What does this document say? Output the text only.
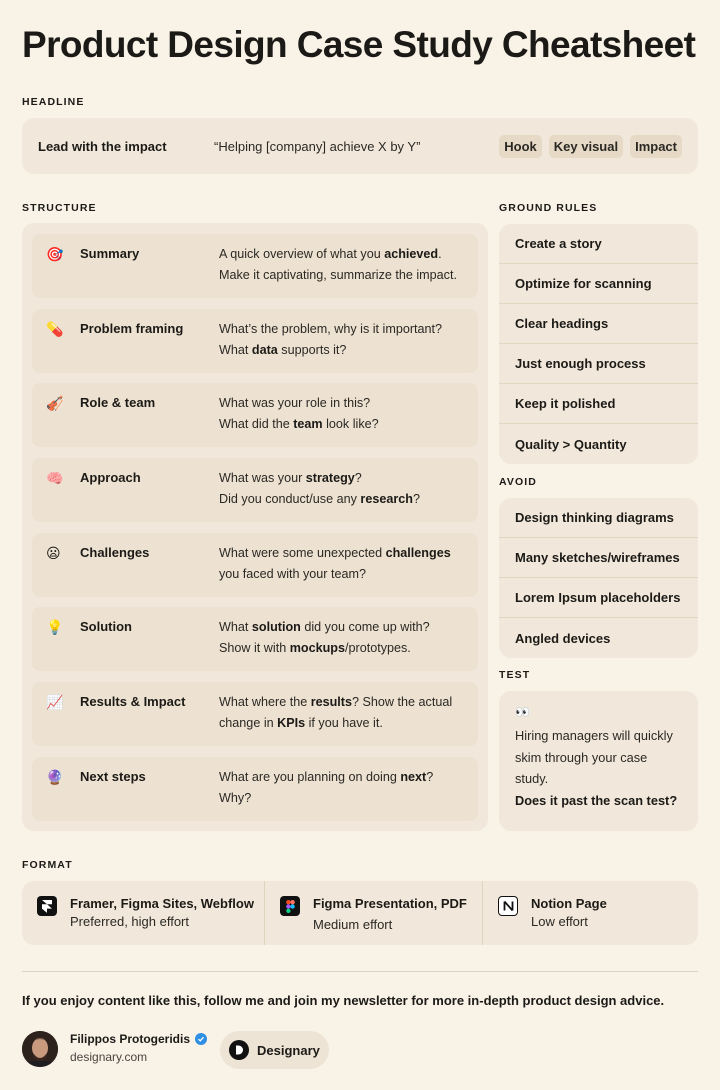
Product Design Case Study Cheatsheet
HEADLINE
Lead with the impact	“Helping [company] achieve X by Y”	Hook	Key visual	Impact
STRUCTURE
🎯	Summary	A quick overview of what you achieved.
Make it captivating, summarize the impact.
💊	Problem framing	What’s the problem, why is it important?
What data supports it?
🎻	Role & team	What was your role in this?
What did the team look like?
🧠	Approach	What was your strategy?
Did you conduct/use any research?
😦	Challenges	What were some unexpected challenges
you faced with your team?
💡	Solution	What solution did you come up with?
Show it with mockups/prototypes.
📈	Results & Impact	What where the results? Show the actual
change in KPIs if you have it.
🔮	Next steps	What are you planning on doing next?
Why?
GROUND RULES
Create a story
Optimize for scanning
Clear headings
Just enough process
Keep it polished
Quality > Quantity
AVOID
Design thinking diagrams
Many sketches/wireframes
Lorem Ipsum placeholders
Angled devices
TEST
👀
Hiring managers will quickly skim through your case study.
Does it past the scan test?
FORMAT
Framer, Figma Sites, Webflow
Preferred, high effort
Figma Presentation, PDF
Medium effort
Notion Page
Low effort
If you enjoy content like this, follow me and join my newsletter for more in-depth product design advice.
Filippos Protogeridis
designary.com	Designary
